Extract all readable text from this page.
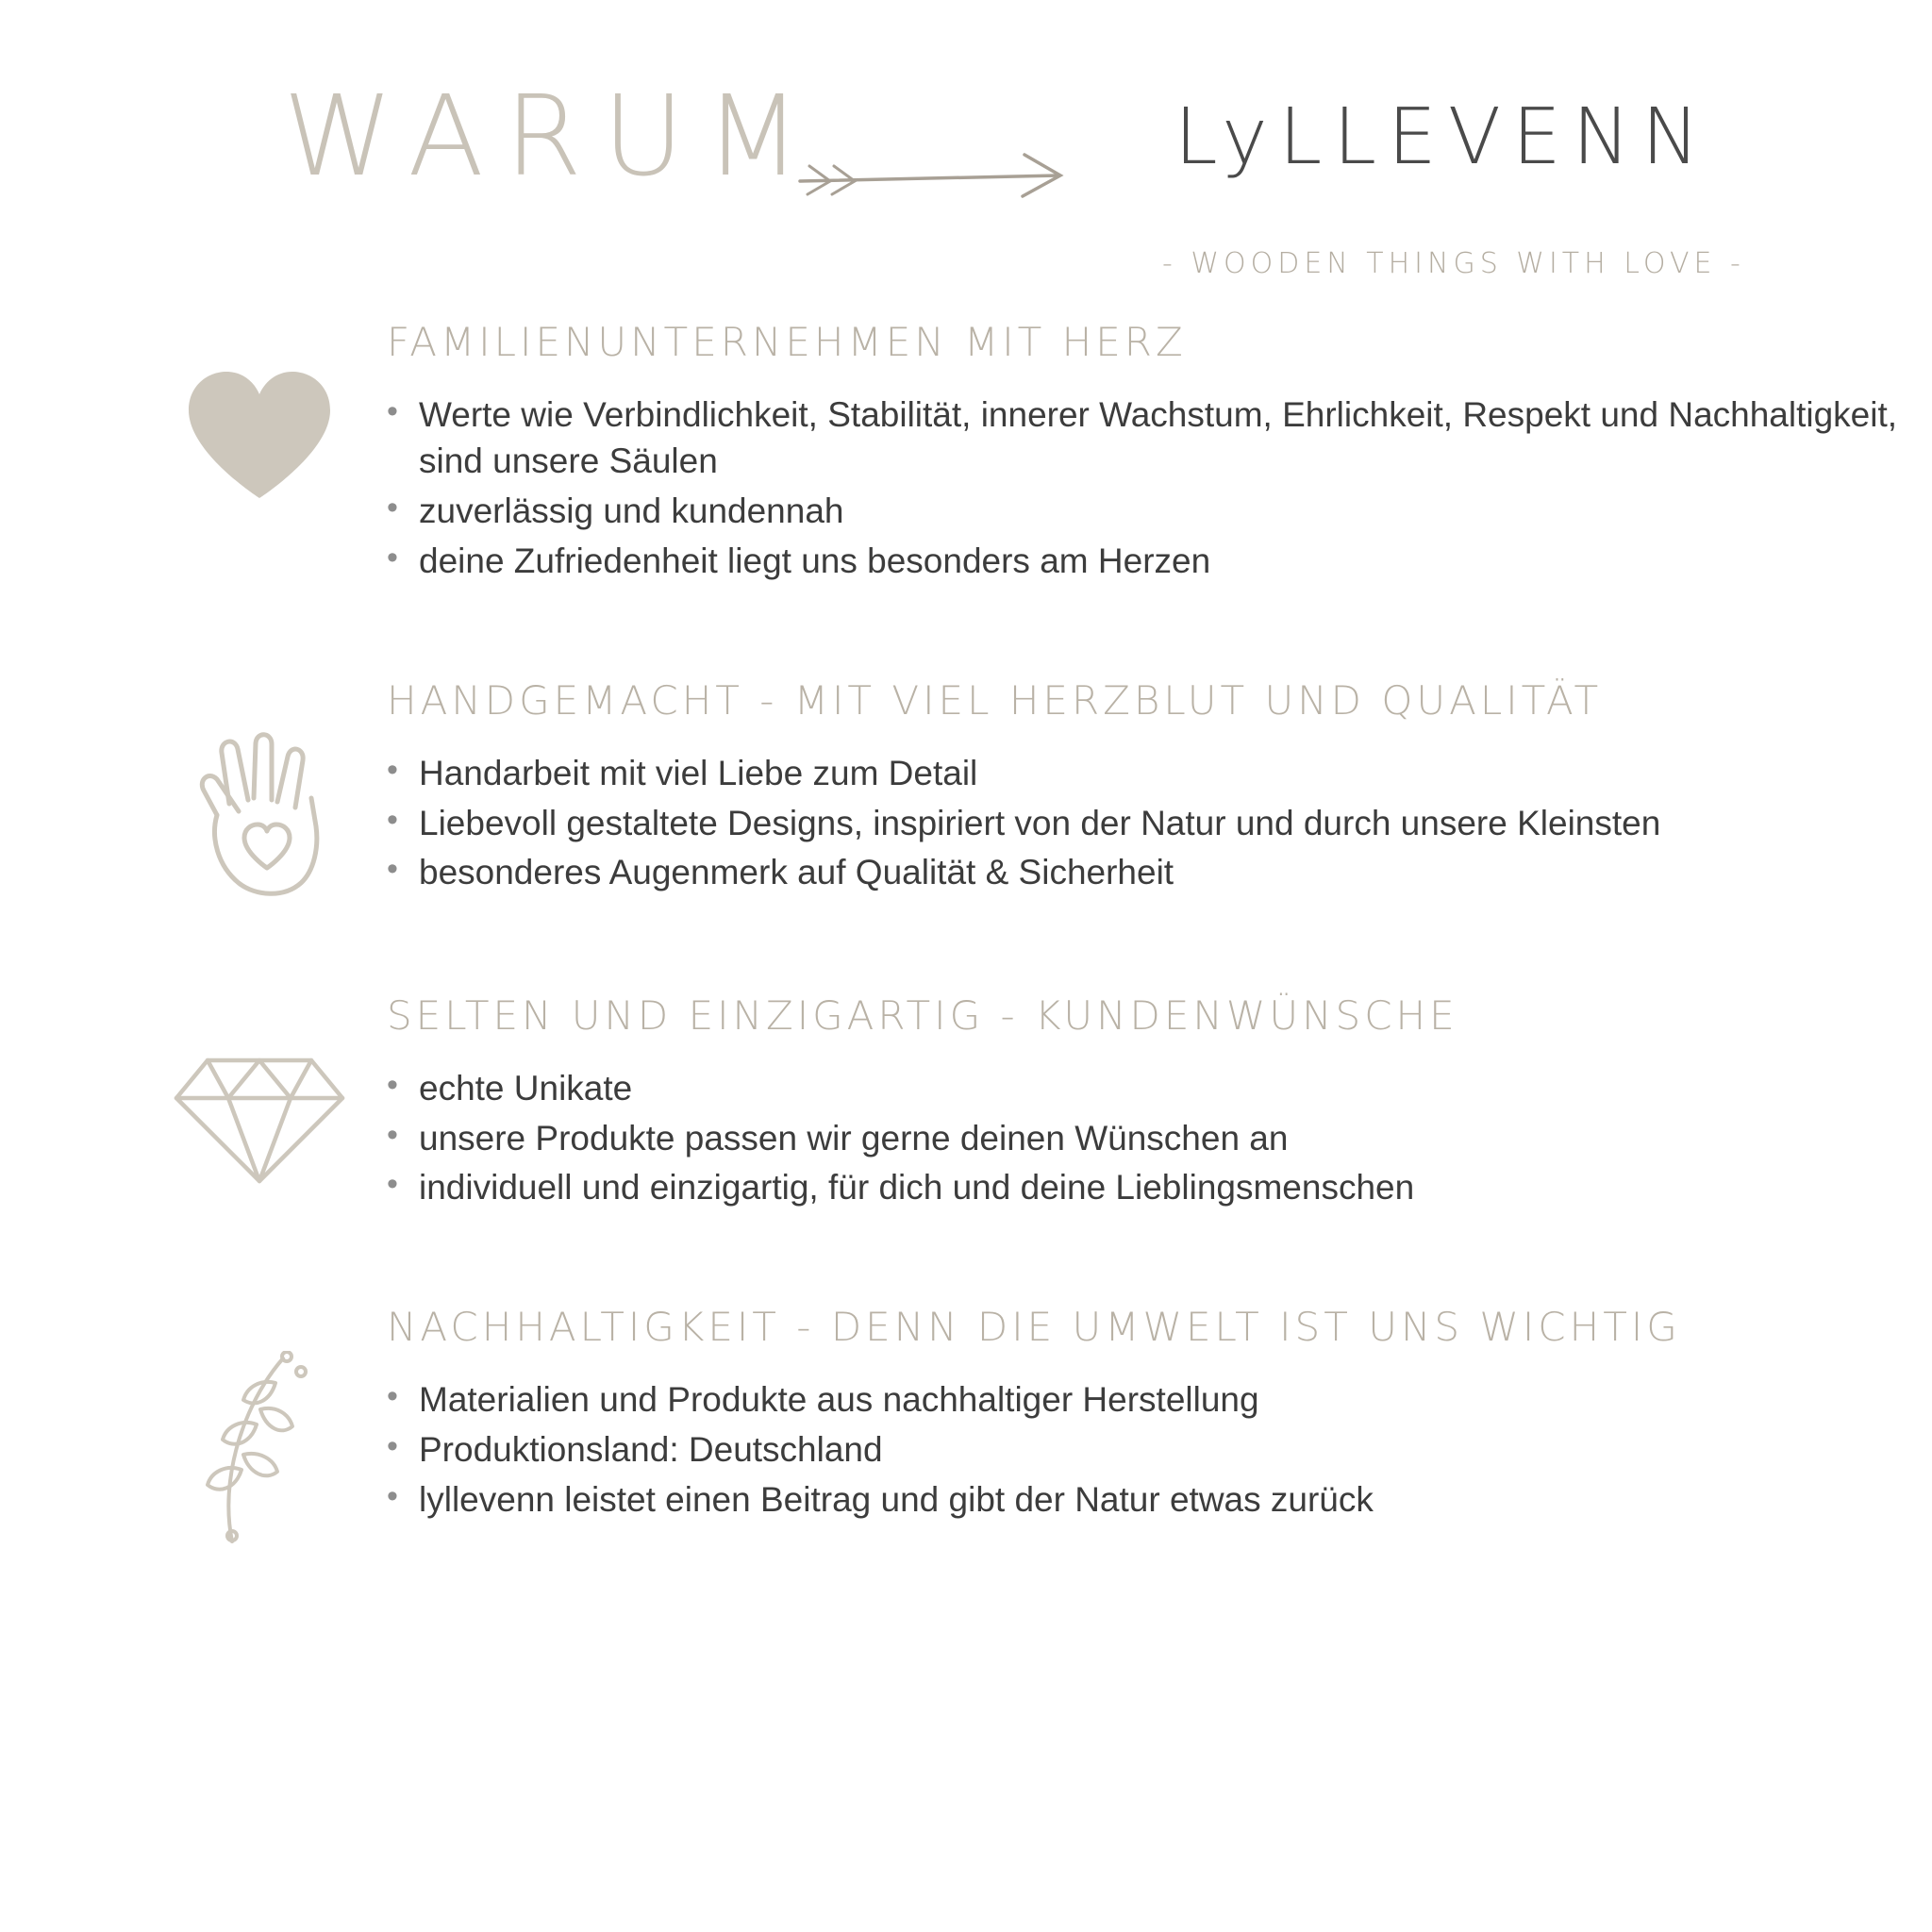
WARUM	LyLLEVENN
- WOODEN THINGS WITH LOVE -
FAMILIENUNTERNEHMEN MIT HERZ
• Werte wie Verbindlichkeit, Stabilität, innerer Wachstum, Ehrlichkeit, Respekt und Nachhaltigkeit, sind unsere Säulen
• zuverlässig und kundennah
• deine Zufriedenheit liegt uns besonders am Herzen
HANDGEMACHT - MIT VIEL HERZBLUT UND QUALITÄT
• Handarbeit mit viel Liebe zum Detail
• Liebevoll gestaltete Designs, inspiriert von der Natur und durch unsere Kleinsten
• besonderes Augenmerk auf Qualität & Sicherheit
SELTEN UND EINZIGARTIG - KUNDENWÜNSCHE
• echte Unikate
• unsere Produkte passen wir gerne deinen Wünschen an
• individuell und einzigartig, für dich und deine Lieblingsmenschen
NACHHALTIGKEIT - DENN DIE UMWELT IST UNS WICHTIG
• Materialien und Produkte aus nachhaltiger Herstellung
• Produktionsland: Deutschland
• lyllevenn leistet einen Beitrag und gibt der Natur etwas zurück
